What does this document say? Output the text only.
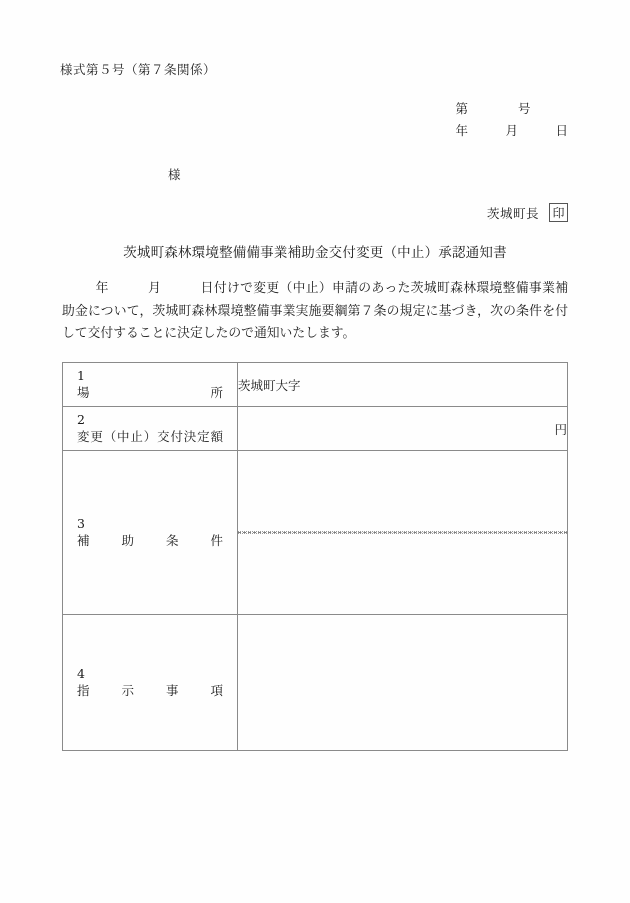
様式第５号（第７条関係）
第　　　　号
年　　　月　　　日
様
茨城町長 印
茨城町森林環境整備備事業補助金交付変更（中止）承認通知書
年　　　月　　　日付けで変更（中止）申請のあった茨城町森林環境整備事業補助金について，茨城町森林環境整備事業実施要綱第７条の規定に基づき，次の条件を付して交付することに決定したので通知いたします。
1
場　　　　　所	茨城町大字

2
変更（中止）交付決定額	円

3
補　助　条　件	

4
指　示　事　項	
